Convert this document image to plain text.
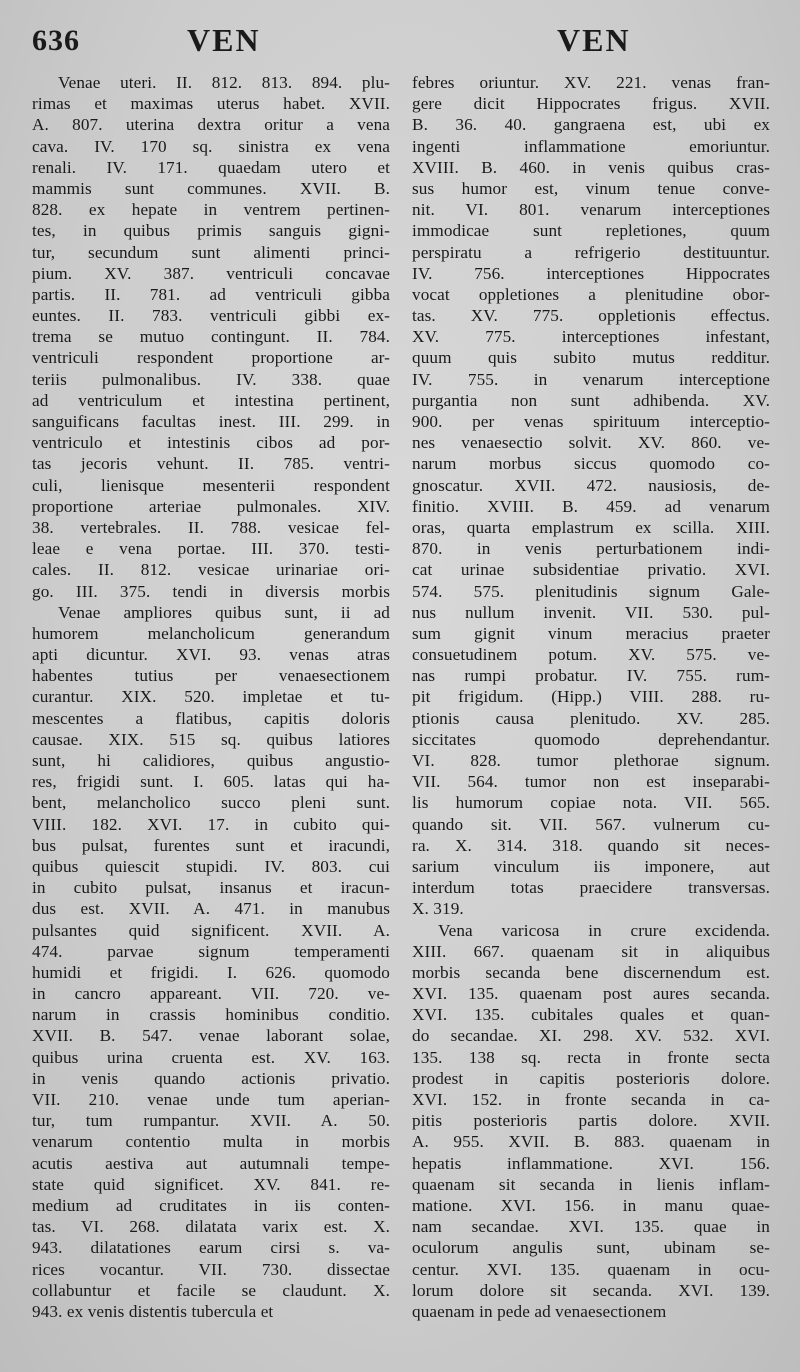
636	VEN	VEN
Venae uteri. II. 812. 813. 894. plu-
rimas et maximas uterus habet. XVII.
A. 807. uterina dextra oritur a vena
cava. IV. 170 sq. sinistra ex vena
renali. IV. 171. quaedam utero et
mammis sunt communes. XVII. B.
828. ex hepate in ventrem pertinen-
tes, in quibus primis sanguis gigni-
tur, secundum sunt alimenti princi-
pium. XV. 387. ventriculi concavae
partis. II. 781. ad ventriculi gibba
euntes. II. 783. ventriculi gibbi ex-
trema se mutuo contingunt. II. 784.
ventriculi respondent proportione ar-
teriis pulmonalibus. IV. 338. quae
ad ventriculum et intestina pertinent,
sanguificans facultas inest. III. 299. in
ventriculo et intestinis cibos ad por-
tas jecoris vehunt. II. 785. ventri-
culi, lienisque mesenterii respondent
proportione arteriae pulmonales. XIV.
38. vertebrales. II. 788. vesicae fel-
leae e vena portae. III. 370. testi-
cales. II. 812. vesicae urinariae ori-
go. III. 375. tendi in diversis morbis
Venae ampliores quibus sunt, ii ad
humorem melancholicum generandum
apti dicuntur. XVI. 93. venas atras
habentes tutius per venaesectionem
curantur. XIX. 520. impletae et tu-
mescentes a flatibus, capitis doloris
causae. XIX. 515 sq. quibus latiores
sunt, hi calidiores, quibus angustio-
res, frigidi sunt. I. 605. latas qui ha-
bent, melancholico succo pleni sunt.
VIII. 182. XVI. 17. in cubito qui-
bus pulsat, furentes sunt et iracundi,
quibus quiescit stupidi. IV. 803. cui
in cubito pulsat, insanus et iracun-
dus est. XVII. A. 471. in manubus
pulsantes quid significent. XVII. A.
474. parvae signum temperamenti
humidi et frigidi. I. 626. quomodo
in cancro appareant. VII. 720. ve-
narum in crassis hominibus conditio.
XVII. B. 547. venae laborant solae,
quibus urina cruenta est. XV. 163.
in venis quando actionis privatio.
VII. 210. venae unde tum aperian-
tur, tum rumpantur. XVII. A. 50.
venarum contentio multa in morbis
acutis aestiva aut autumnali tempe-
state quid significet. XV. 841. re-
medium ad cruditates in iis conten-
tas. VI. 268. dilatata varix est. X.
943. dilatationes earum cirsi s. va-
rices vocantur. VII. 730. dissectae
collabuntur et facile se claudunt. X.
943. ex venis distentis tubercula et
febres oriuntur. XV. 221. venas fran-
gere dicit Hippocrates frigus. XVII.
B. 36. 40. gangraena est, ubi ex
ingenti inflammatione emoriuntur.
XVIII. B. 460. in venis quibus cras-
sus humor est, vinum tenue conve-
nit. VI. 801. venarum interceptiones
immodicae sunt repletiones, quum
perspiratu a refrigerio destituuntur.
IV. 756. interceptiones Hippocrates
vocat oppletiones a plenitudine obor-
tas. XV. 775. oppletionis effectus.
XV. 775. interceptiones infestant,
quum quis subito mutus redditur.
IV. 755. in venarum interceptione
purgantia non sunt adhibenda. XV.
900. per venas spirituum interceptio-
nes venaesectio solvit. XV. 860. ve-
narum morbus siccus quomodo co-
gnoscatur. XVII. 472. nausiosis, de-
finitio. XVIII. B. 459. ad venarum
oras, quarta emplastrum ex scilla. XIII.
870. in venis perturbationem indi-
cat urinae subsidentiae privatio. XVI.
574. 575. plenitudinis signum Gale-
nus nullum invenit. VII. 530. pul-
sum gignit vinum meracius praeter
consuetudinem potum. XV. 575. ve-
nas rumpi probatur. IV. 755. rum-
pit frigidum. (Hipp.) VIII. 288. ru-
ptionis causa plenitudo. XV. 285.
siccitates quomodo deprehendantur.
VI. 828. tumor plethorae signum.
VII. 564. tumor non est inseparabi-
lis humorum copiae nota. VII. 565.
quando sit. VII. 567. vulnerum cu-
ra. X. 314. 318. quando sit neces-
sarium vinculum iis imponere, aut
interdum totas praecidere transversas.
X. 319.
Vena varicosa in crure excidenda.
XIII. 667. quaenam sit in aliquibus
morbis secanda bene discernendum est.
XVI. 135. quaenam post aures secanda.
XVI. 135. cubitales quales et quan-
do secandae. XI. 298. XV. 532. XVI.
135. 138 sq. recta in fronte secta
prodest in capitis posterioris dolore.
XVI. 152. in fronte secanda in ca-
pitis posterioris partis dolore. XVII.
A. 955. XVII. B. 883. quaenam in
hepatis inflammatione. XVI. 156.
quaenam sit secanda in lienis inflam-
matione. XVI. 156. in manu quae-
nam secandae. XVI. 135. quae in
oculorum angulis sunt, ubinam se-
centur. XVI. 135. quaenam in ocu-
lorum dolore sit secanda. XVI. 139.
quaenam in pede ad venaesectionem
